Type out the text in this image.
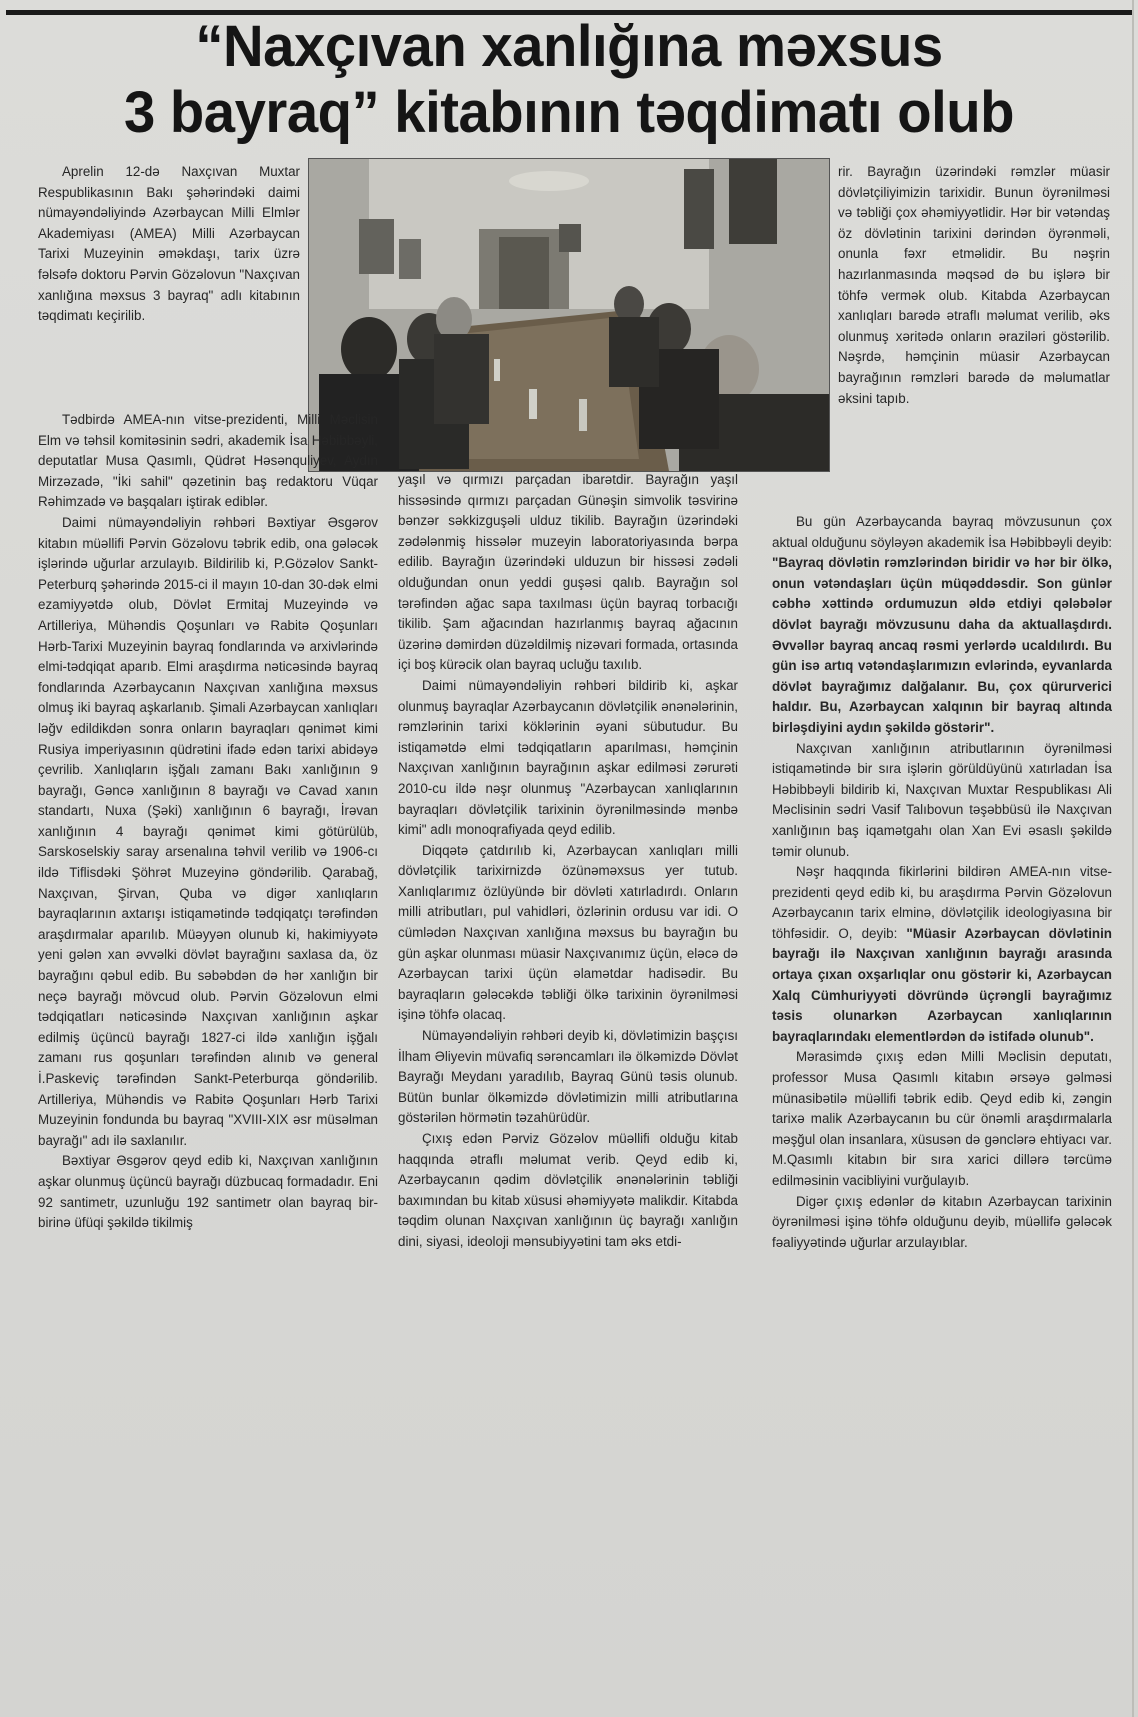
“Naxçıvan xanlığına məxsus
3 bayraq” kitabının təqdimatı olub

Aprelin 12-də Naxçıvan Muxtar Respublikasının Bakı şəhərindəki daimi nümayəndəliyində Azərbaycan Milli Elmlər Akademiyası (AMEA) Milli Azərbaycan Tarixi Muzeyinin əməkdaşı, tarix üzrə fəlsəfə doktoru Pərvin Gözəlovun "Naxçıvan xanlığına məxsus 3 bayraq" adlı kitabının təqdimatı keçirilib.

Tədbirdə AMEA-nın vitse-prezidenti, Milli Məclisin Elm və təhsil komitəsinin sədri, akademik İsa Həbibbəyli, deputatlar Musa Qasımlı, Qüdrət Həsənquliyev, Aydın Mirzəzadə, "İki sahil" qəzetinin baş redaktoru Vüqar Rəhimzadə və başqaları iştirak ediblər.

Daimi nümayəndəliyin rəhbəri Bəxtiyar Əsgərov kitabın müəllifi Pərvin Gözəlovu təbrik edib, ona gələcək işlərində uğurlar arzulayıb. Bildirilib ki, P.Gözəlov Sankt-Peterburq şəhərində 2015-ci il mayın 10-dan 30-dək elmi ezamiyyətdə olub, Dövlət Ermitaj Muzeyində və Artilleriya, Mühəndis Qoşunları və Rabitə Qoşunları Hərb-Tarixi Muzeyinin bayraq fondlarında və arxivlərində elmi-tədqiqat aparıb. Elmi araşdırma nəticəsində bayraq fondlarında Azərbaycanın Naxçıvan xanlığına məxsus olmuş iki bayraq aşkarlanıb. Şimali Azərbaycan xanlıqları ləğv edildikdən sonra onların bayraqları qənimət kimi Rusiya imperiyasının qüdrətini ifadə edən tarixi abidəyə çevrilib. Xanlıqların işğalı zamanı Bakı xanlığının 9 bayrağı, Gəncə xanlığının 8 bayrağı və Cavad xanın standartı, Nuxa (Şəki) xanlığının 6 bayrağı, İrəvan xanlığının 4 bayrağı qənimət kimi götürülüb, Sarskoselskiy saray arsenalına təhvil verilib və 1906-cı ildə Tiflisdəki Şöhrət Muzeyinə göndərilib. Qarabağ, Naxçıvan, Şirvan, Quba və digər xanlıqların bayraqlarının axtarışı istiqamətində tədqiqatçı tərəfindən araşdırmalar aparılıb. Müəyyən olunub ki, hakimiyyətə yeni gələn xan əvvəlki dövlət bayrağını saxlasa da, öz bayrağını qəbul edib. Bu səbəbdən də hər xanlığın bir neçə bayrağı mövcud olub. Pərvin Gözəlovun elmi tədqiqatları nəticəsində Naxçıvan xanlığının aşkar edilmiş üçüncü bayrağı 1827-ci ildə xanlığın işğalı zamanı rus qoşunları tərəfindən alınıb və general İ.Paskeviç tərəfindən Sankt-Peterburqa göndərilib. Artilleriya, Mühəndis və Rabitə Qoşunları Hərb Tarixi Muzeyinin fondunda bu bayraq "XVIII-XIX əsr müsəlman bayrağı" adı ilə saxlanılır.

Bəxtiyar Əsgərov qeyd edib ki, Naxçıvan xanlığının aşkar olunmuş üçüncü bayrağı düzbucaq formadadır. Eni 92 santimetr, uzunluğu 192 santimetr olan bayraq bir-birinə üfüqi şəkildə tikilmiş

yaşıl və qırmızı parçadan ibarətdir. Bayrağın yaşıl hissəsində qırmızı parçadan Günəşin simvolik təsvirinə bənzər səkkizguşəli ulduz tikilib. Bayrağın üzərindəki zədələnmiş hissələr muzeyin laboratoriyasında bərpa edilib. Bayrağın üzərindəki ulduzun bir hissəsi zədəli olduğundan onun yeddi guşəsi qalıb. Bayrağın sol tərəfindən ağac sapa taxılması üçün bayraq torbacığı tikilib. Şam ağacından hazırlanmış bayraq ağacının üzərinə dəmirdən düzəldilmiş nizəvari formada, ortasında içi boş kürəcik olan bayraq ucluğu taxılıb.

Daimi nümayəndəliyin rəhbəri bildirib ki, aşkar olunmuş bayraqlar Azərbaycanın dövlətçilik ənənələrinin, rəmzlərinin tarixi köklərinin əyani sübutudur. Bu istiqamətdə elmi tədqiqatların aparılması, həmçinin Naxçıvan xanlığının bayrağının aşkar edilməsi zərurəti 2010-cu ildə nəşr olunmuş "Azərbaycan xanlıqlarının bayraqları dövlətçilik tarixinin öyrənilməsində mənbə kimi" adlı monoqrafiyada qeyd edilib.

Diqqətə çatdırılıb ki, Azərbaycan xanlıqları milli dövlətçilik tarixirnizdə özünəməxsus yer tutub. Xanlıqlarımız özlüyündə bir dövləti xatırladırdı. Onların milli atributları, pul vahidləri, özlərinin ordusu var idi. O cümlədən Naxçıvan xanlığına məxsus bu bayrağın bu gün aşkar olunması müasir Naxçıvanımız üçün, eləcə də Azərbaycan tarixi üçün əlamətdar hadisədir. Bu bayraqların gələcəkdə təbliği ölkə tarixinin öyrənilməsi işinə töhfə olacaq.

Nümayəndəliyin rəhbəri deyib ki, dövlətimizin başçısı İlham Əliyevin müvafiq sərəncamları ilə ölkəmizdə Dövlət Bayrağı Meydanı yaradılıb, Bayraq Günü təsis olunub. Bütün bunlar ölkəmizdə dövlətimizin milli atributlarına göstərilən hörmətin təzahürüdür.

Çıxış edən Pərviz Gözəlov müəllifi olduğu kitab haqqında ətraflı məlumat verib. Qeyd edib ki, Azərbaycanın qədim dövlətçilik ənənələrinin təbliği baxımından bu kitab xüsusi əhəmiyyətə malikdir. Kitabda təqdim olunan Naxçıvan xanlığının üç bayrağı xanlığın dini, siyasi, ideoloji mənsubiyyətini tam əks etdi-

rir. Bayrağın üzərindəki rəmzlər müasir dövlətçiliyimizin tarixidir. Bunun öyrənilməsi və təbliği çox əhəmiyyətlidir. Hər bir vətəndaş öz dövlətinin tarixini dərindən öyrənməli, onunla fəxr etməlidir. Bu nəşrin hazırlanmasında məqsəd də bu işlərə bir töhfə vermək olub. Kitabda Azərbaycan xanlıqları barədə ətraflı məlumat verilib, əks olunmuş xəritədə onların əraziləri göstərilib. Nəşrdə, həmçinin müasir Azərbaycan bayrağının rəmzləri barədə də məlumatlar əksini tapıb.

Bu gün Azərbaycanda bayraq mövzusunun çox aktual olduğunu söyləyən akademik İsa Həbibbəyli deyib: "Bayraq dövlətin rəmzlərindən biridir və hər bir ölkə, onun vətəndaşları üçün müqəddəsdir. Son günlər cəbhə xəttində ordumuzun əldə etdiyi qələbələr dövlət bayrağı mövzusunu daha da aktuallaşdırdı. Əvvəllər bayraq ancaq rəsmi yerlərdə ucaldılırdı. Bu gün isə artıq vətəndaşlarımızın evlərində, eyvanlarda dövlət bayrağımız dalğalanır. Bu, çox qürurverici haldır. Bu, Azərbaycan xalqının bir bayraq altında birləşdiyini aydın şəkildə göstərir".

Naxçıvan xanlığının atributlarının öyrənilməsi istiqamətində bir sıra işlərin görüldüyünü xatırladan İsa Həbibbəyli bildirib ki, Naxçıvan Muxtar Respublikası Ali Məclisinin sədri Vasif Talıbovun təşəbbüsü ilə Naxçıvan xanlığının baş iqamətgahı olan Xan Evi əsaslı şəkildə təmir olunub.

Nəşr haqqında fikirlərini bildirən AMEA-nın vitse-prezidenti qeyd edib ki, bu araşdırma Pərvin Gözəlovun Azərbaycanın tarix elminə, dövlətçilik ideologiyasına bir töhfəsidir. O, deyib: "Müasir Azərbaycan dövlətinin bayrağı ilə Naxçıvan xanlığının bayrağı arasında ortaya çıxan oxşarlıqlar onu göstərir ki, Azərbaycan Xalq Cümhuriyyəti dövründə üçrəngli bayrağımız təsis olunarkən Azərbaycan xanlıqlarının bayraqlarındakı elementlərdən də istifadə olunub".

Mərasimdə çıxış edən Milli Məclisin deputatı, professor Musa Qasımlı kitabın ərsəyə gəlməsi münasibətilə müəllifi təbrik edib. Qeyd edib ki, zəngin tarixə malik Azərbaycanın bu cür önəmli araşdırmalarla məşğul olan insanlara, xüsusən də gənclərə ehtiyacı var. M.Qasımlı kitabın bir sıra xarici dillərə tərcümə edilməsinin vacibliyini vurğulayıb.

Digər çıxış edənlər də kitabın Azərbaycan tarixinin öyrənilməsi işinə töhfə olduğunu deyib, müəllifə gələcək fəaliyyətində uğurlar arzulayıblar.
